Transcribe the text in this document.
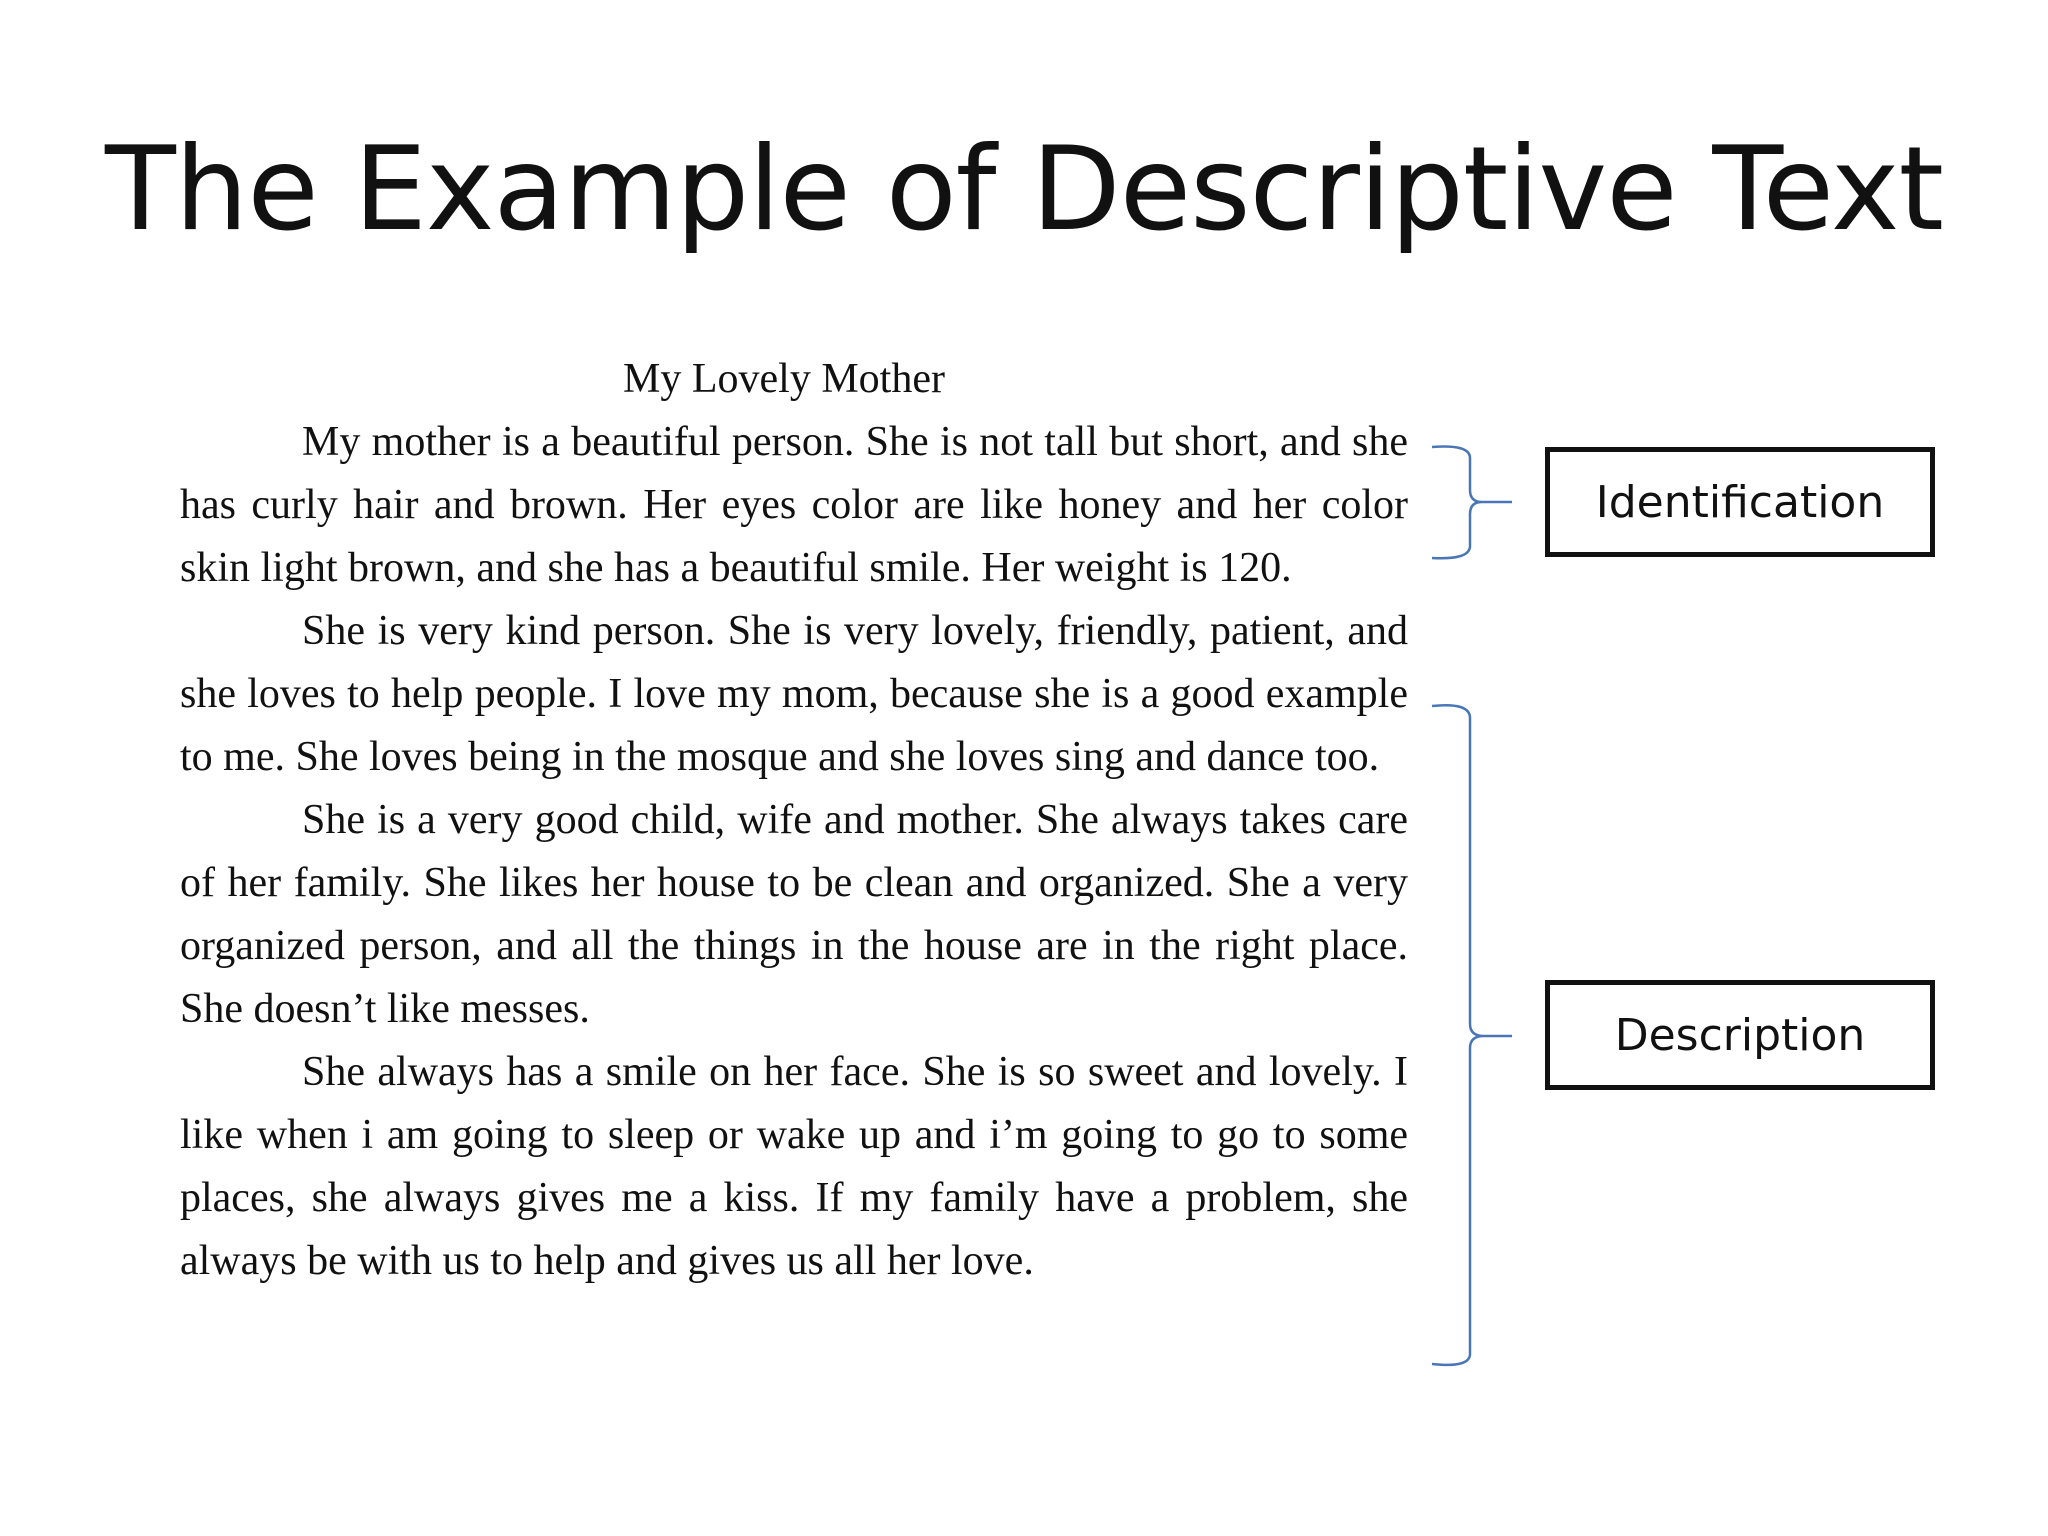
The Example of Descriptive Text

My Lovely Mother

My mother is a beautiful person. She is not tall but short, and she has curly hair and brown. Her eyes color are like honey and her color skin light brown, and she has a beautiful smile. Her weight is 120.

She is very kind person. She is very lovely, friendly, patient, and she loves to help people. I love my mom, because she is a good example to me. She loves being in the mosque and she loves sing and dance too.

She is a very good child, wife and mother. She always takes care of her family. She likes her house to be clean and organized. She a very organized person, and all the things in the house are in the right place. She doesn’t like messes.

She always has a smile on her face. She is so sweet and lovely. I like when i am going to sleep or wake up and i’m going to go to some places, she always gives me a kiss. If my family have a problem, she always be with us to help and gives us all her love.

Identification
Description
